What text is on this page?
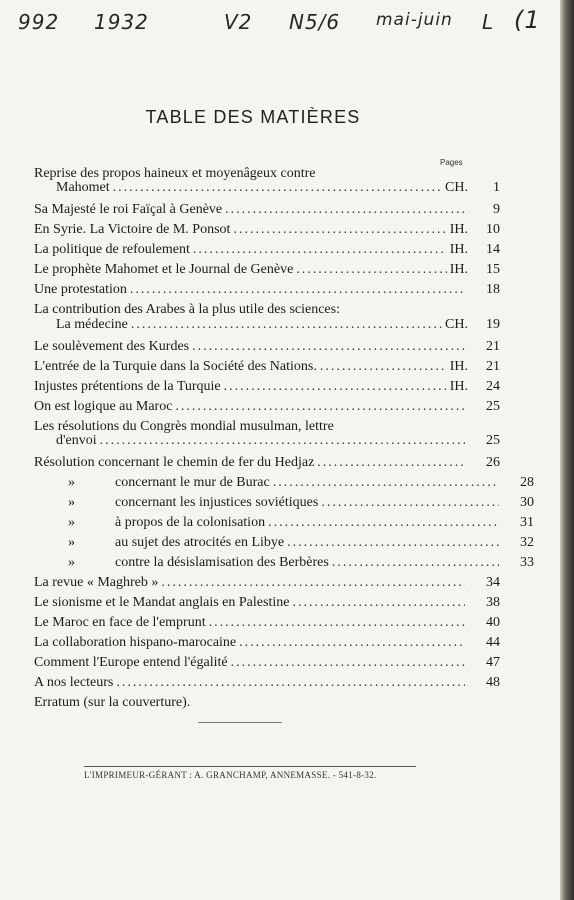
992 1932	V2 N5/6 mai-juin L (1
TABLE DES MATIÈRES
Pages
Reprise des propos haineux et moyenâgeux contre
Mahomet .....	CH.	1
Sa Majesté le roi Faïçal à Genève .....	9
En Syrie. La Victoire de M. Ponsot .....	IH.	10
La politique de refoulement .....	IH.	14
Le prophète Mahomet et le Journal de Genève .....	IH.	15
Une protestation .....	18
La contribution des Arabes à la plus utile des sciences:
La médecine .....	CH.	19
Le soulèvement des Kurdes .....	21
L'entrée de la Turquie dans la Société des Nations. .....	IH.	21
Injustes prétentions de la Turquie .....	IH.	24
On est logique au Maroc .....	25
Les résolutions du Congrès mondial musulman, lettre
d'envoi .....	25
Résolution concernant le chemin de fer du Hedjaz .....	26
»	concernant le mur de Burac .....	28
»	concernant les injustices soviétiques .....	30
»	à propos de la colonisation .....	31
»	au sujet des atrocités en Libye .....	32
»	contre la désislamisation des Berbères .....	33
La revue « Maghreb » .....	34
Le sionisme et le Mandat anglais en Palestine .....	38
Le Maroc en face de l'emprunt .....	40
La collaboration hispano-marocaine .....	44
Comment l'Europe entend l'égalité .....	47
A nos lecteurs .....	48
Erratum (sur la couverture).
L'IMPRIMEUR-GÉRANT : A. GRANCHAMP, ANNEMASSE. - 541-8-32.
